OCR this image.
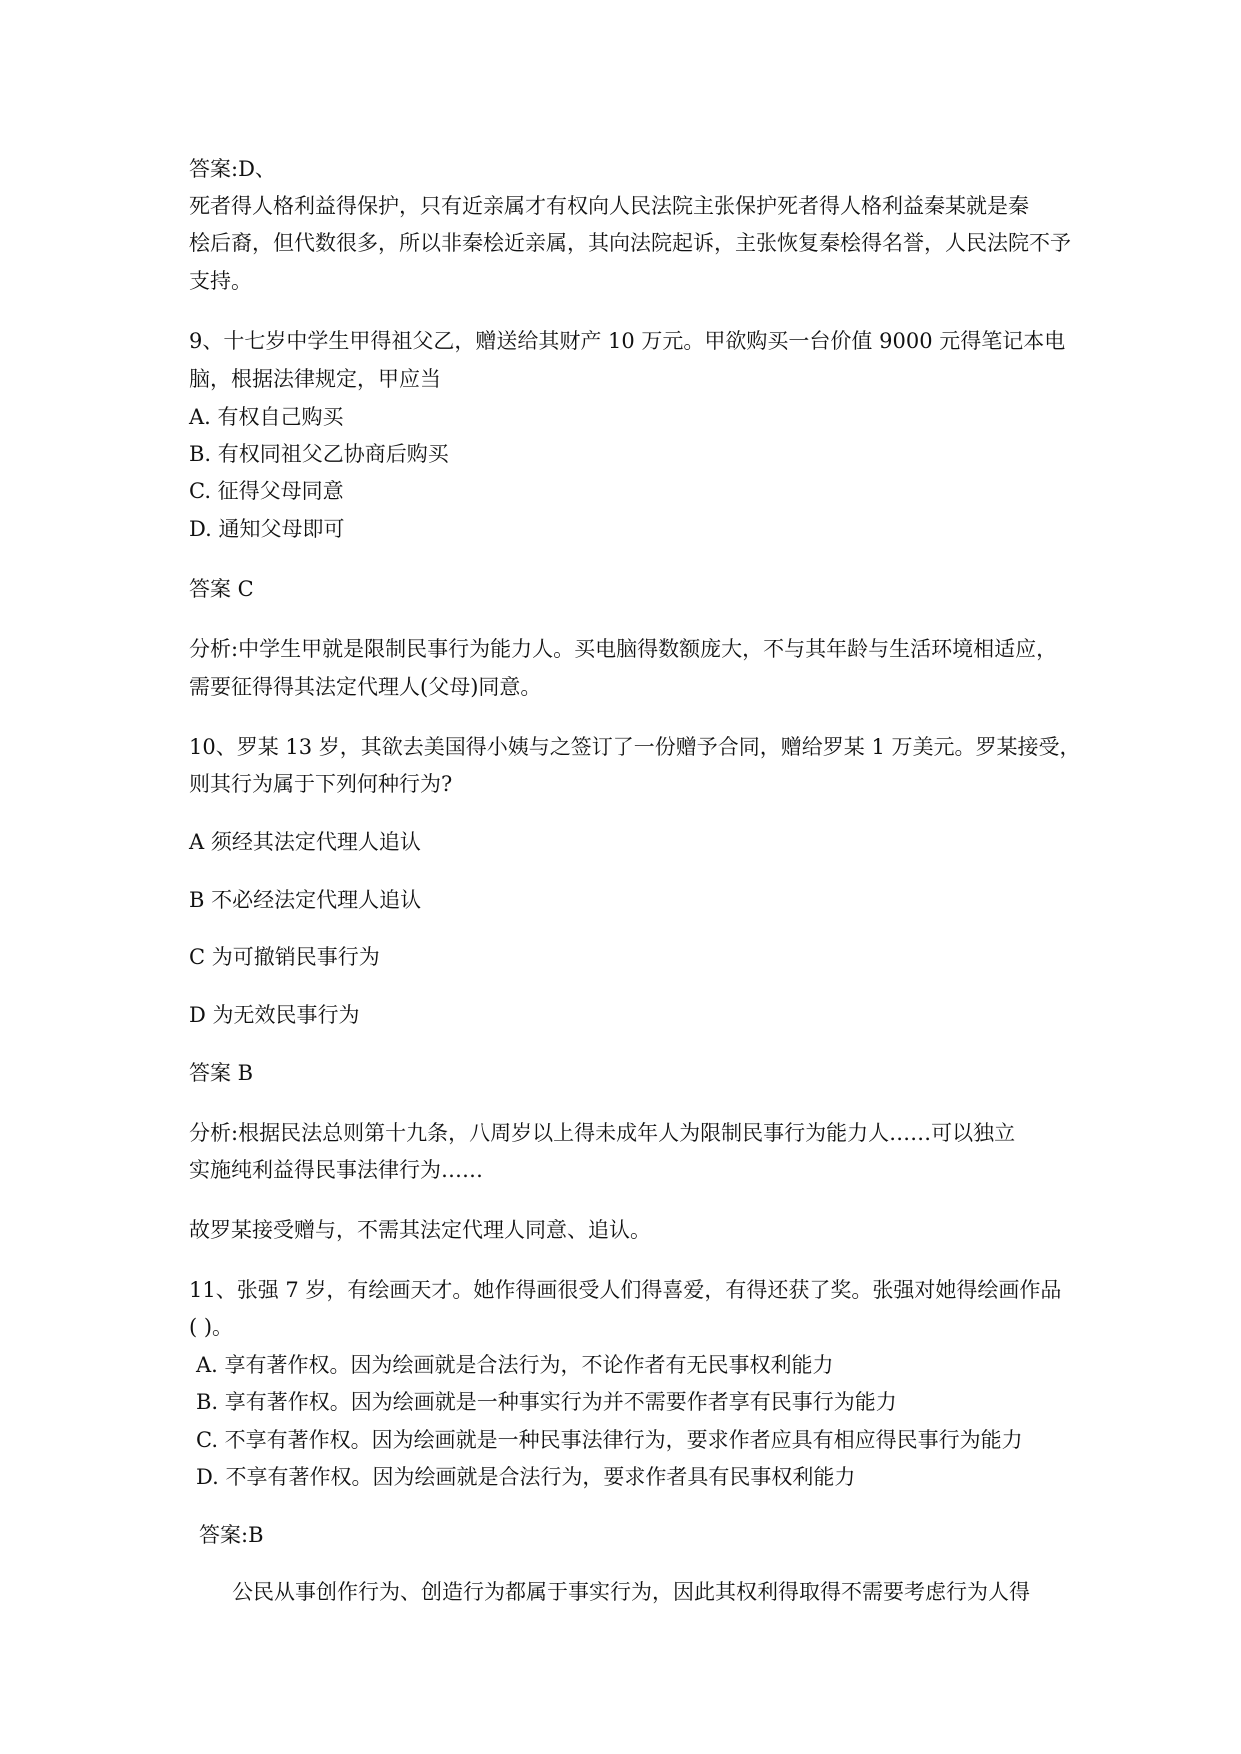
答案:D、
死者得人格利益得保护，只有近亲属才有权向人民法院主张保护死者得人格利益秦某就是秦
桧后裔，但代数很多，所以非秦桧近亲属，其向法院起诉，主张恢复秦桧得名誉，人民法院不予
支持。
9、十七岁中学生甲得祖父乙，赠送给其财产 10 万元。甲欲购买一台价值 9000 元得笔记本电
脑，根据法律规定，甲应当
A. 有权自己购买
B. 有权同祖父乙协商后购买
C. 征得父母同意
D. 通知父母即可
答案 C
分析:中学生甲就是限制民事行为能力人。买电脑得数额庞大，不与其年龄与生活环境相适应，
需要征得得其法定代理人(父母)同意。
10、罗某 13 岁，其欲去美国得小姨与之签订了一份赠予合同，赠给罗某 1 万美元。罗某接受，
则其行为属于下列何种行为?
A 须经其法定代理人追认
B 不必经法定代理人追认
C 为可撤销民事行为
D 为无效民事行为
答案 B
分析:根据民法总则第十九条，八周岁以上得未成年人为限制民事行为能力人……可以独立
实施纯利益得民事法律行为……
故罗某接受赠与，不需其法定代理人同意、追认。
11、张强 7 岁，有绘画天才。她作得画很受人们得喜爱，有得还获了奖。张强对她得绘画作品
( )。
A. 享有著作权。因为绘画就是合法行为，不论作者有无民事权利能力
B. 享有著作权。因为绘画就是一种事实行为并不需要作者享有民事行为能力
C. 不享有著作权。因为绘画就是一种民事法律行为，要求作者应具有相应得民事行为能力
D. 不享有著作权。因为绘画就是合法行为，要求作者具有民事权利能力
答案:B
公民从事创作行为、创造行为都属于事实行为，因此其权利得取得不需要考虑行为人得
